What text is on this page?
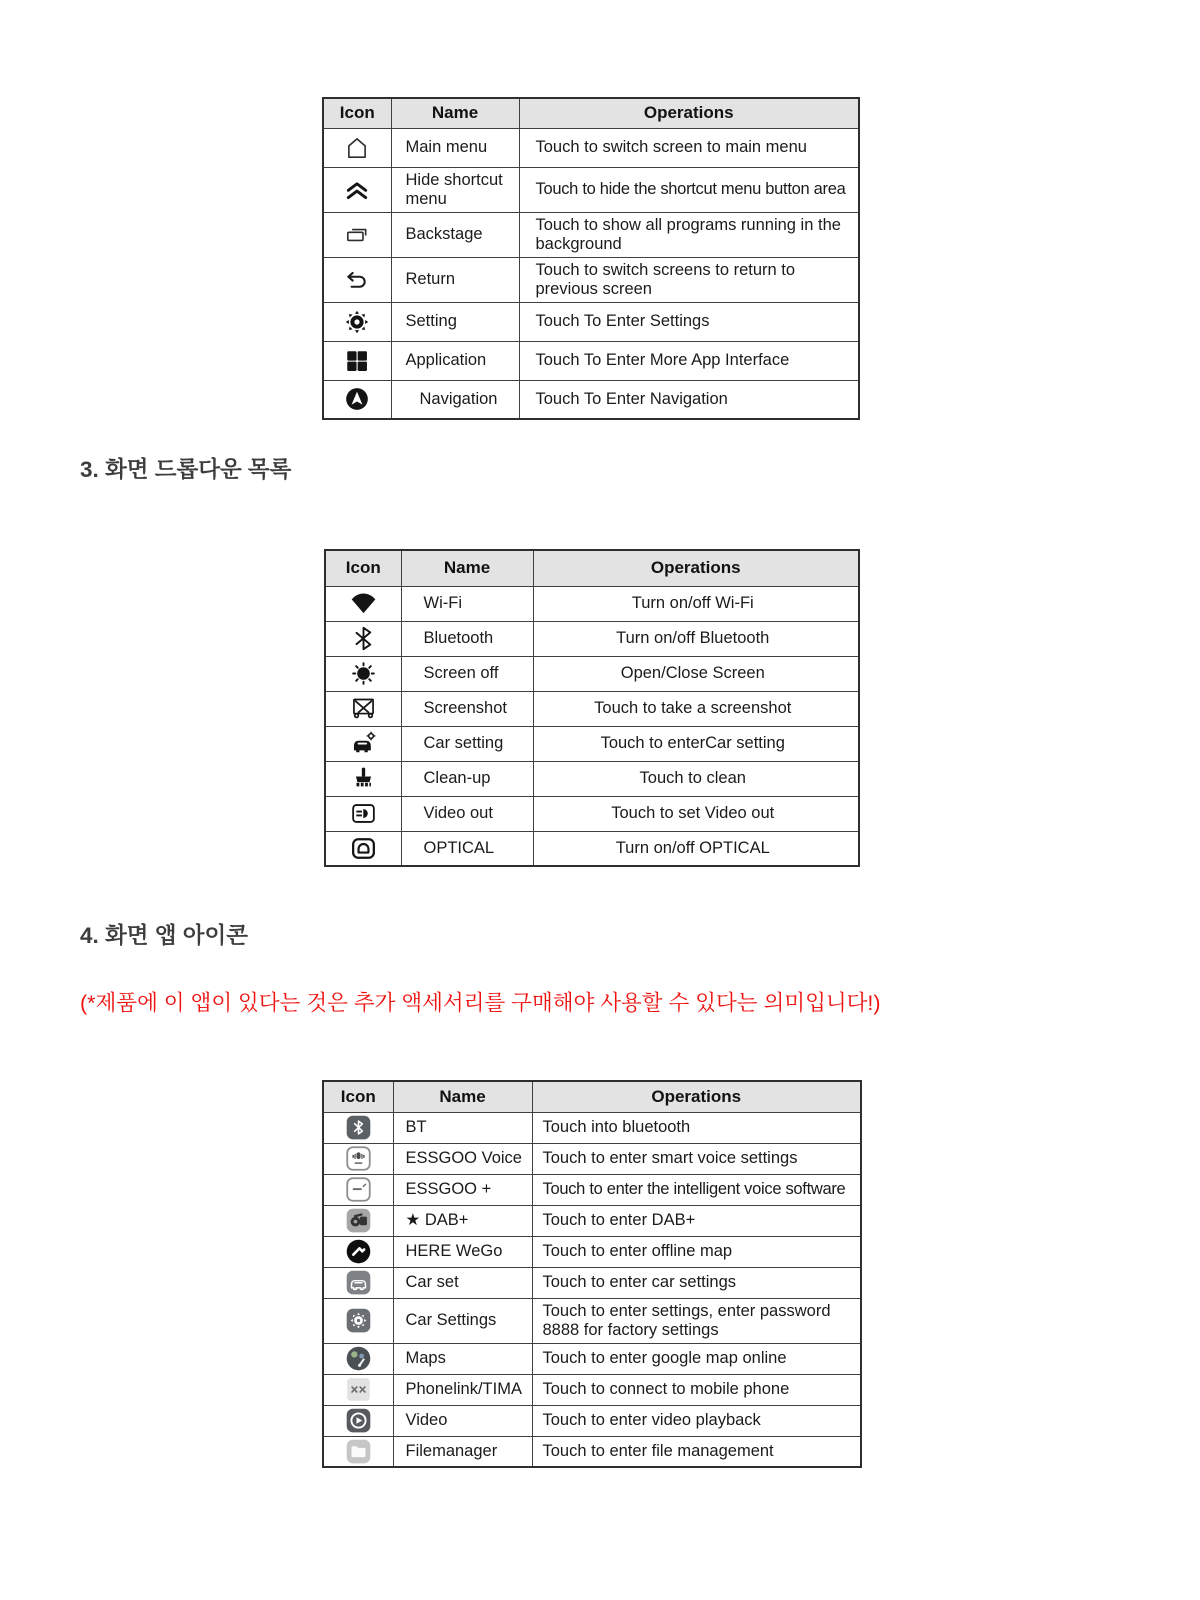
Icon	Name	Operations

	Main menu	Touch to switch screen to main menu

	Hide shortcut menu	Touch to hide the shortcut menu button area

	Backstage	Touch to show all programs running in the background

	Return	Touch to switch screens to return to previous screen

	Setting	Touch To Enter Settings

	Application	Touch To Enter More App Interface

	Navigation	Touch To Enter Navigation
3. 화면 드롭다운 목록
Icon	Name	Operations

	Wi-Fi	Turn on/off Wi-Fi

	Bluetooth	Turn on/off Bluetooth

	Screen off	Open/Close Screen

	Screenshot	Touch to take a screenshot

	Car setting	Touch to enterCar setting

	Clean-up	Touch to clean

	Video out	Touch to set Video out

	OPTICAL	Turn on/off OPTICAL
4. 화면 앱 아이콘
(*제품에 이 앱이 있다는 것은 추가 액세서리를 구매해야 사용할 수 있다는 의미입니다!)
Icon	Name	Operations

	BT	Touch into bluetooth

	ESSGOO Voice	Touch to enter smart voice settings

	ESSGOO +	Touch to enter the intelligent voice software

	★ DAB+	Touch to enter DAB+

	HERE WeGo	Touch to enter offline map

	Car set	Touch to enter car settings

	Car Settings	Touch to enter settings, enter password 8888 for factory settings

	Maps	Touch to enter google map online

	Phonelink/TIMA	Touch to connect to mobile phone

	Video	Touch to enter video playback

	Filemanager	Touch to enter file management
